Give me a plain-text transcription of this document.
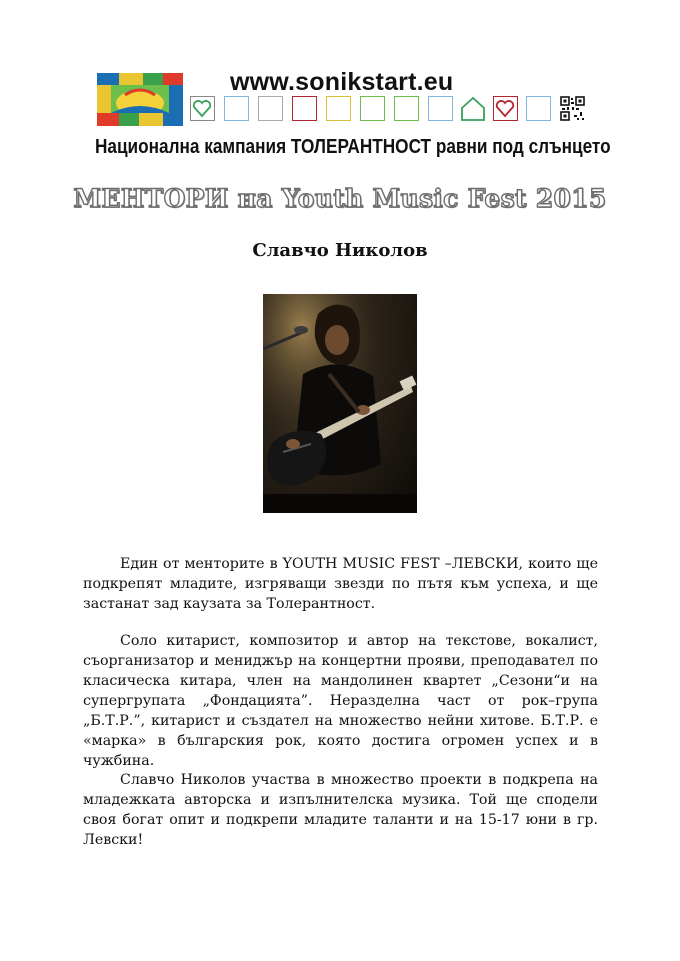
www.sonikstart.eu
Национална кампания ТОЛЕРАНТНОСТ равни под слънцето
МЕНТОРИ на Youth Music Fest 2015
Славчо Николов

Един от менторите в YOUTH MUSIC FEST –ЛЕВСКИ, които ще подкрепят младите, изгряващи звезди по пътя към успеха, и ще застанат зад каузата за Толерантност.

Соло китарист, композитор и автор на текстове, вокалист, съорганизатор и мениджър на концертни прояви, преподавател по класическа китара, член на мандолинен квартет „Сезони“и на супергрупата „Фондацията”. Неразделна част от рок–група „Б.Т.Р.”, китарист и създател на множество нейни хитове. Б.Т.Р. е «марка» в българския рок, която достига огромен успех и в чужбина.

Славчо Николов участва в множество проекти в подкрепа на младежката авторска и изпълнителска музика. Той ще сподели своя богат опит и подкрепи младите таланти и на 15-17 юни в гр. Левски!
